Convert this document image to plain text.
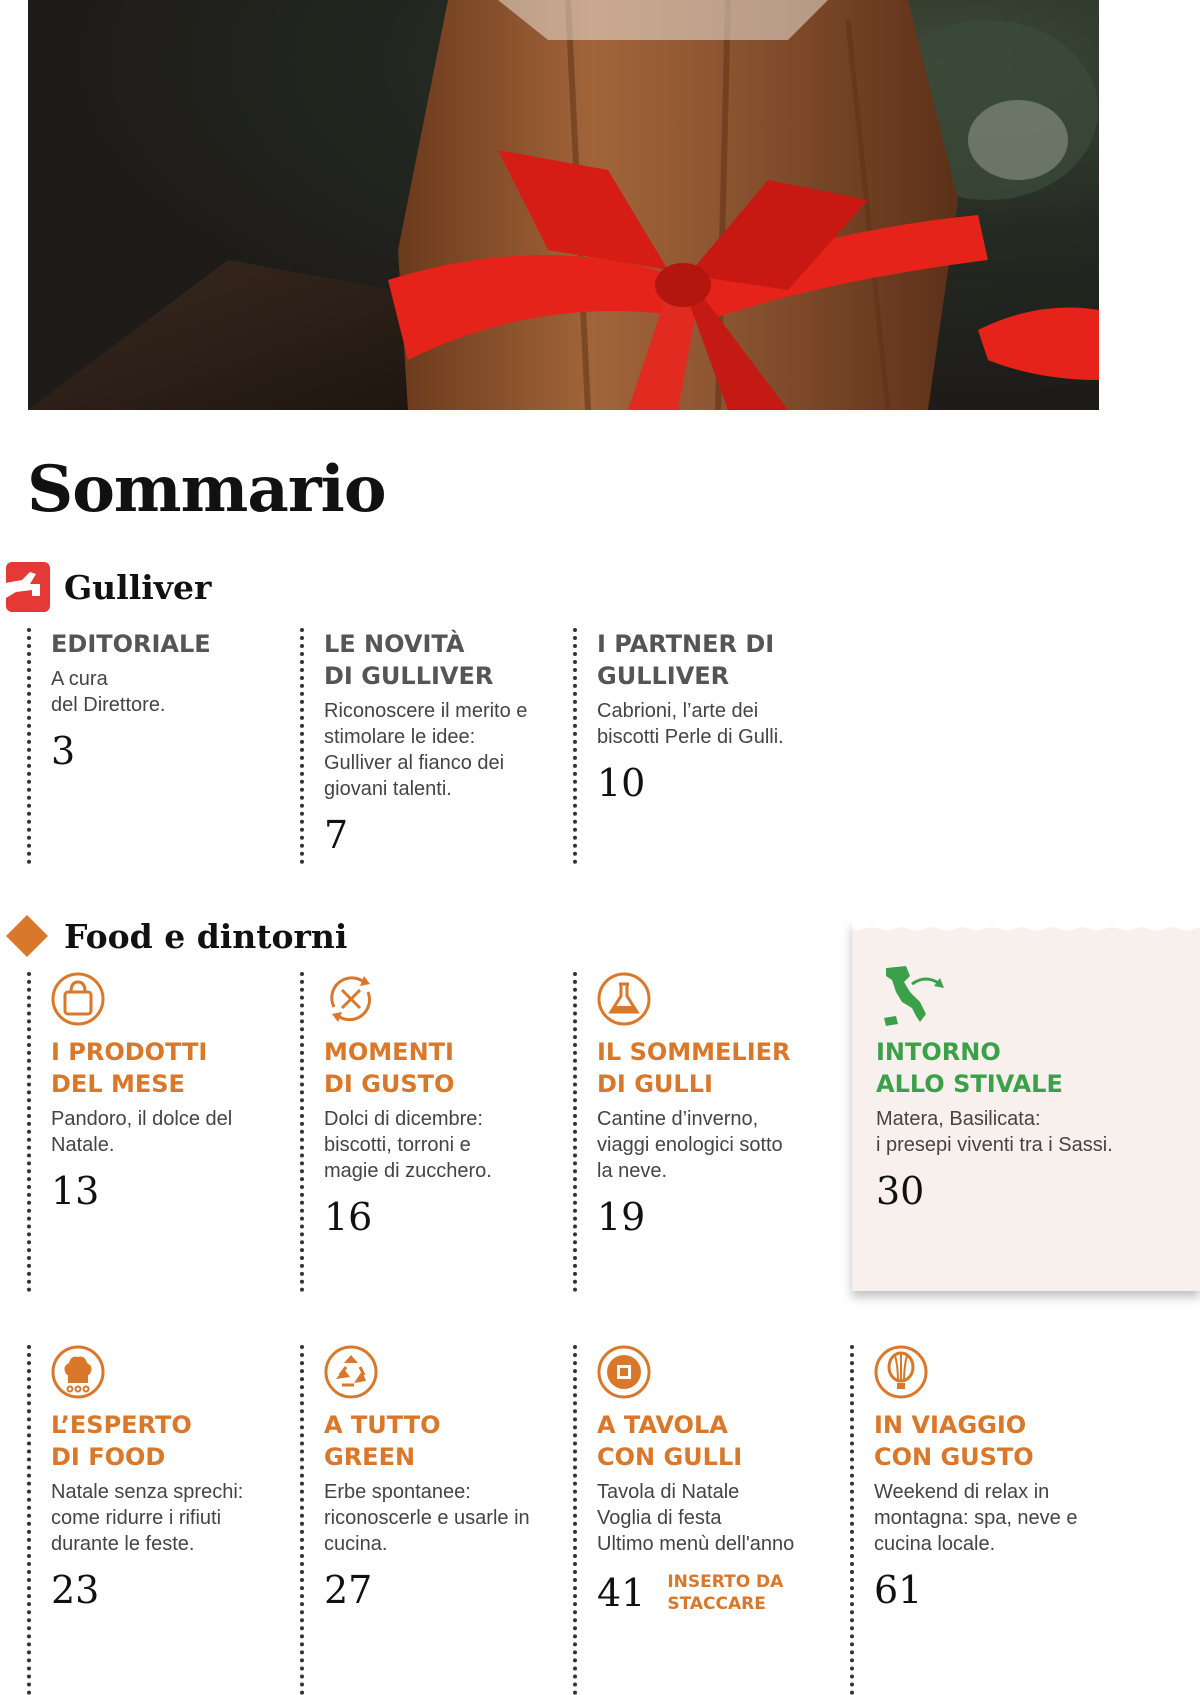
Sommario
Gulliver
EDITORIALE
A cura
del Direttore.
3
LE NOVITÀ
DI GULLIVER
Riconoscere il merito e
stimolare le idee:
Gulliver al fianco dei
giovani talenti.
7
I PARTNER DI
GULLIVER
Cabrioni, l’arte dei
biscotti Perle di Gulli.
10
Food e dintorni
I PRODOTTI
DEL MESE
Pandoro, il dolce del
Natale.
13
MOMENTI
DI GUSTO
Dolci di dicembre:
biscotti, torroni e
magie di zucchero.
16
IL SOMMELIER
DI GULLI
Cantine d’inverno,
viaggi enologici sotto
la neve.
19
INTORNO
ALLO STIVALE
Matera, Basilicata:
i presepi viventi tra i Sassi.
30
L’ESPERTO
DI FOOD
Natale senza sprechi:
come ridurre i rifiuti
durante le feste.
23
A TUTTO
GREEN
Erbe spontanee:
riconoscerle e usarle in
cucina.
27
A TAVOLA
CON GULLI
Tavola di Natale
Voglia di festa
Ultimo menù dell'anno
41 INSERTO DA
STACCARE
IN VIAGGIO
CON GUSTO
Weekend di relax in
montagna: spa, neve e
cucina locale.
61
